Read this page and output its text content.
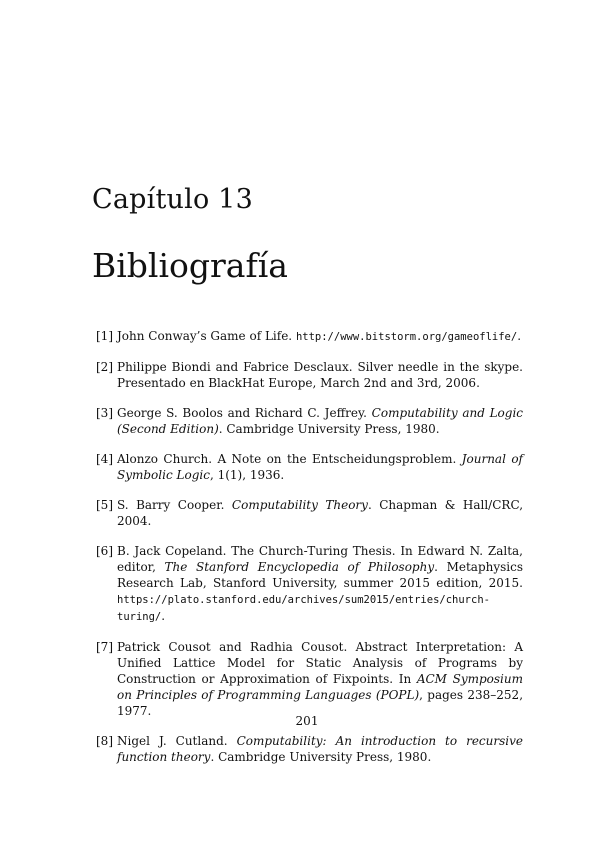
Capítulo 13
Bibliografía
[1] John Conway’s Game of Life. http://www.bitstorm.org/gameoflife/.
[2] Philippe Biondi and Fabrice Desclaux. Silver needle in the skype. Presentado en BlackHat Europe, March 2nd and 3rd, 2006.
[3] George S. Boolos and Richard C. Jeffrey. Computability and Logic (Second Edition). Cambridge University Press, 1980.
[4] Alonzo Church. A Note on the Entscheidungsproblem. Journal of Symbolic Logic, 1(1), 1936.
[5] S. Barry Cooper. Computability Theory. Chapman & Hall/CRC, 2004.
[6] B. Jack Copeland. The Church-Turing Thesis. In Edward N. Zalta, editor, The Stanford Encyclopedia of Philosophy. Metaphysics Research Lab, Stanford University, summer 2015 edition, 2015. https://plato.stanford.edu/archives/sum2015/entries/church-turing/.
[7] Patrick Cousot and Radhia Cousot. Abstract Interpretation: A Unified Lattice Model for Static Analysis of Programs by Construction or Approximation of Fixpoints. In ACM Symposium on Principles of Programming Languages (POPL), pages 238–252, 1977.
[8] Nigel J. Cutland. Computability: An introduction to recursive function theory. Cambridge University Press, 1980.
201
